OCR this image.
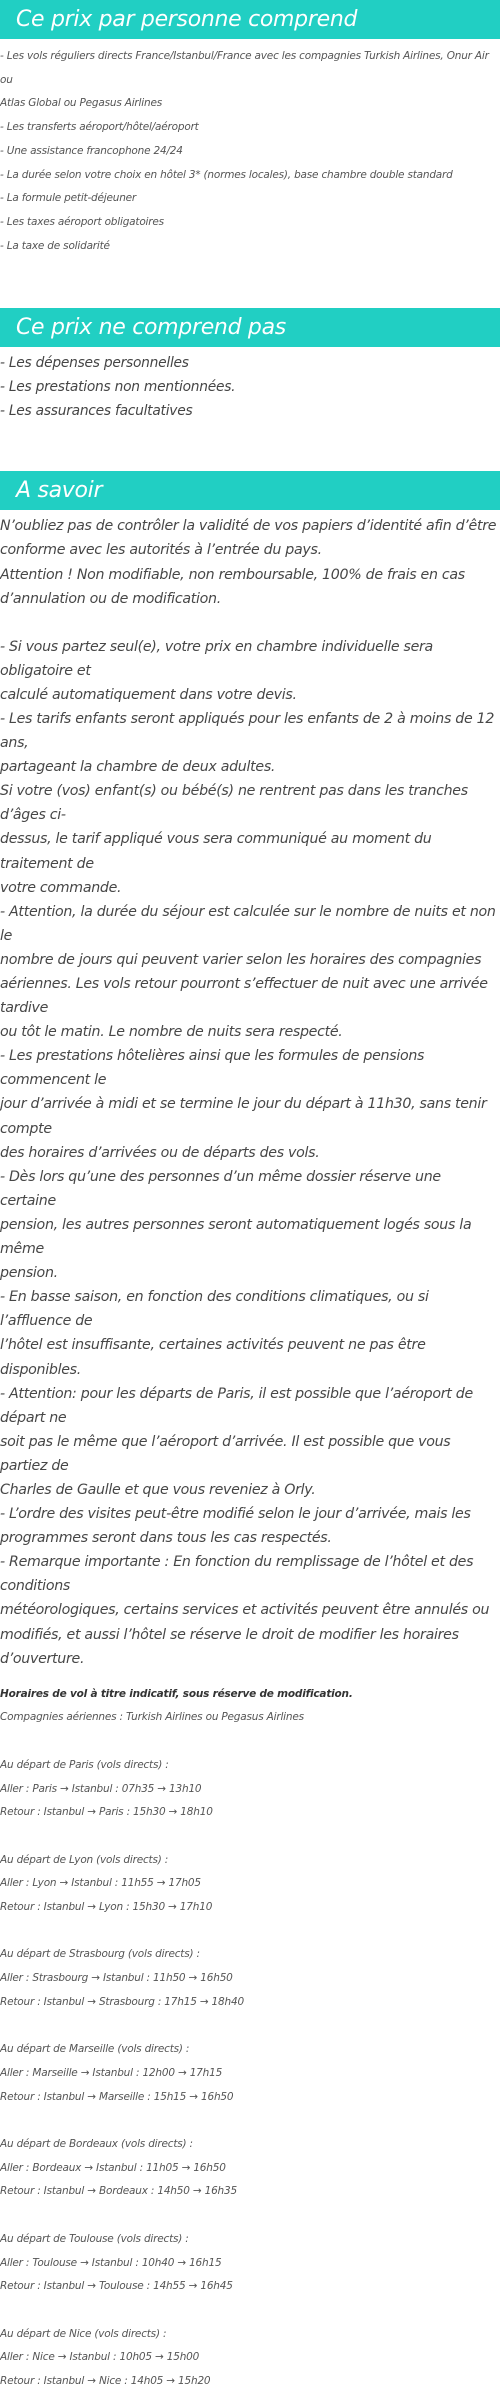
Ce prix par personne comprend

- Les vols réguliers directs France/Istanbul/France avec les compagnies Turkish Airlines, Onur Air ou

Atlas Global ou Pegasus Airlines

- Les transferts aéroport/hôtel/aéroport

- Une assistance francophone 24/24

- La durée selon votre choix en hôtel 3* (normes locales), base chambre double standard

- La formule petit-déjeuner

- Les taxes aéroport obligatoires

- La taxe de solidarité

Ce prix ne comprend pas

- Les dépenses personnelles

- Les prestations non mentionnées.

- Les assurances facultatives

A savoir

N’oubliez pas de contrôler la validité de vos papiers d’identité afin d’être

conforme avec les autorités à l’entrée du pays.

Attention ! Non modifiable, non remboursable, 100% de frais en cas

d’annulation ou de modification.

- Si vous partez seul(e), votre prix en chambre individuelle sera obligatoire et

calculé automatiquement dans votre devis.

- Les tarifs enfants seront appliqués pour les enfants de 2 à moins de 12 ans,

partageant la chambre de deux adultes.

Si votre (vos) enfant(s) ou bébé(s) ne rentrent pas dans les tranches d’âges ci-

dessus, le tarif appliqué vous sera communiqué au moment du traitement de

votre commande.

- Attention, la durée du séjour est calculée sur le nombre de nuits et non le

nombre de jours qui peuvent varier selon les horaires des compagnies

aériennes. Les vols retour pourront s’effectuer de nuit avec une arrivée tardive

ou tôt le matin. Le nombre de nuits sera respecté.

- Les prestations hôtelières ainsi que les formules de pensions commencent le

jour d’arrivée à midi et se termine le jour du départ à 11h30, sans tenir compte

des horaires d’arrivées ou de départs des vols.

- Dès lors qu’une des personnes d’un même dossier réserve une certaine

pension, les autres personnes seront automatiquement logés sous la même

pension.

- En basse saison, en fonction des conditions climatiques, ou si l’affluence de

l’hôtel est insuffisante, certaines activités peuvent ne pas être disponibles.

- Attention: pour les départs de Paris, il est possible que l’aéroport de départ ne

soit pas le même que l’aéroport d’arrivée. Il est possible que vous partiez de

Charles de Gaulle et que vous reveniez à Orly.

- L’ordre des visites peut-être modifié selon le jour d’arrivée, mais les

programmes seront dans tous les cas respectés.

- Remarque importante : En fonction du remplissage de l’hôtel et des conditions

météorologiques, certains services et activités peuvent être annulés ou

modifiés, et aussi l’hôtel se réserve le droit de modifier les horaires d’ouverture.

Horaires de vol à titre indicatif, sous réserve de modification.

Compagnies aériennes : Turkish Airlines ou Pegasus Airlines

Au départ de Paris (vols directs) :

Aller : Paris → Istanbul : 07h35 → 13h10

Retour : Istanbul → Paris : 15h30 → 18h10

Au départ de Lyon (vols directs) :

Aller : Lyon → Istanbul : 11h55 → 17h05

Retour : Istanbul → Lyon : 15h30 → 17h10

Au départ de Strasbourg (vols directs) :

Aller : Strasbourg → Istanbul : 11h50 → 16h50

Retour : Istanbul → Strasbourg : 17h15 → 18h40

Au départ de Marseille (vols directs) :

Aller : Marseille → Istanbul : 12h00 → 17h15

Retour : Istanbul → Marseille : 15h15 → 16h50

Au départ de Bordeaux (vols directs) :

Aller : Bordeaux → Istanbul : 11h05 → 16h50

Retour : Istanbul → Bordeaux : 14h50 → 16h35

Au départ de Toulouse (vols directs) :

Aller : Toulouse → Istanbul : 10h40 → 16h15

Retour : Istanbul → Toulouse : 14h55 → 16h45

Au départ de Nice (vols directs) :

Aller : Nice → Istanbul : 10h05 → 15h00

Retour : Istanbul → Nice : 14h05 → 15h20
